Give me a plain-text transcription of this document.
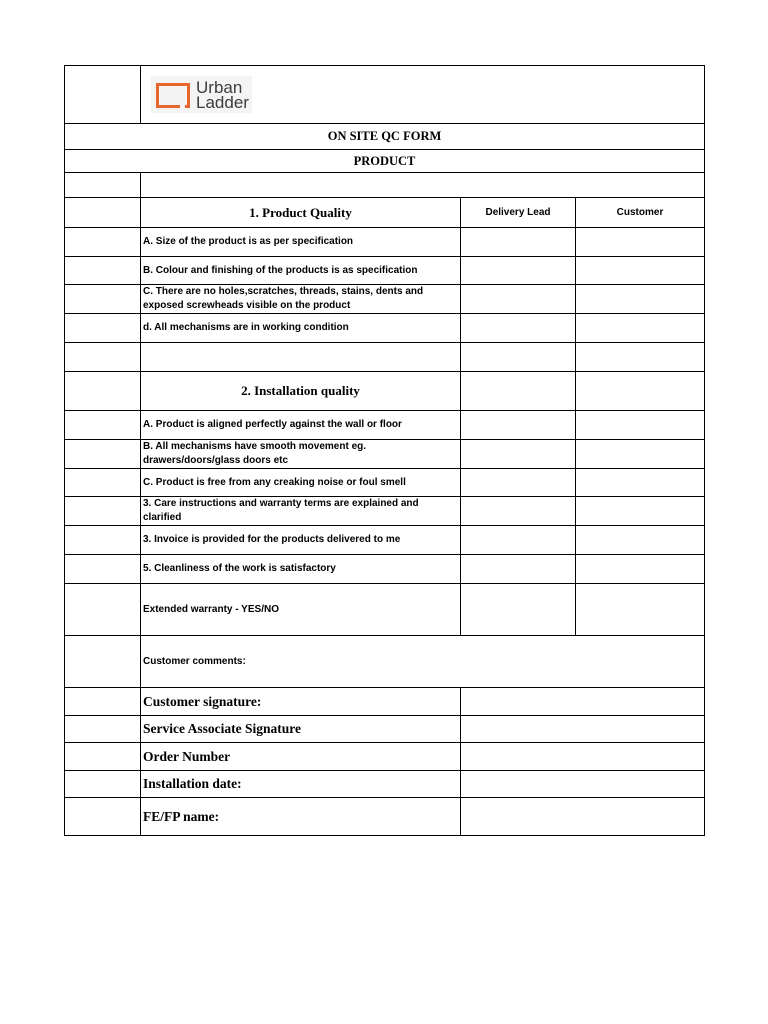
Urban
Ladder
ON SITE QC FORM
PRODUCT
1. Product Quality	Delivery Lead	Customer
A. Size of the product is as per specification
B. Colour and finishing of the products is as specification
C. There are no holes,scratches, threads, stains, dents and exposed screwheads visible on the product
d. All mechanisms are in working condition
2. Installation quality
A. Product is aligned perfectly against the wall or floor
B. All mechanisms have smooth movement eg. drawers/doors/glass doors etc
C. Product is free from any creaking noise or foul smell
3. Care instructions and warranty terms are explained and clarified
3. Invoice is provided for the products delivered to me
5. Cleanliness of the work is satisfactory
Extended warranty - YES/NO
Customer comments:
Customer signature:
Service Associate Signature
Order Number
Installation date:
FE/FP name:
